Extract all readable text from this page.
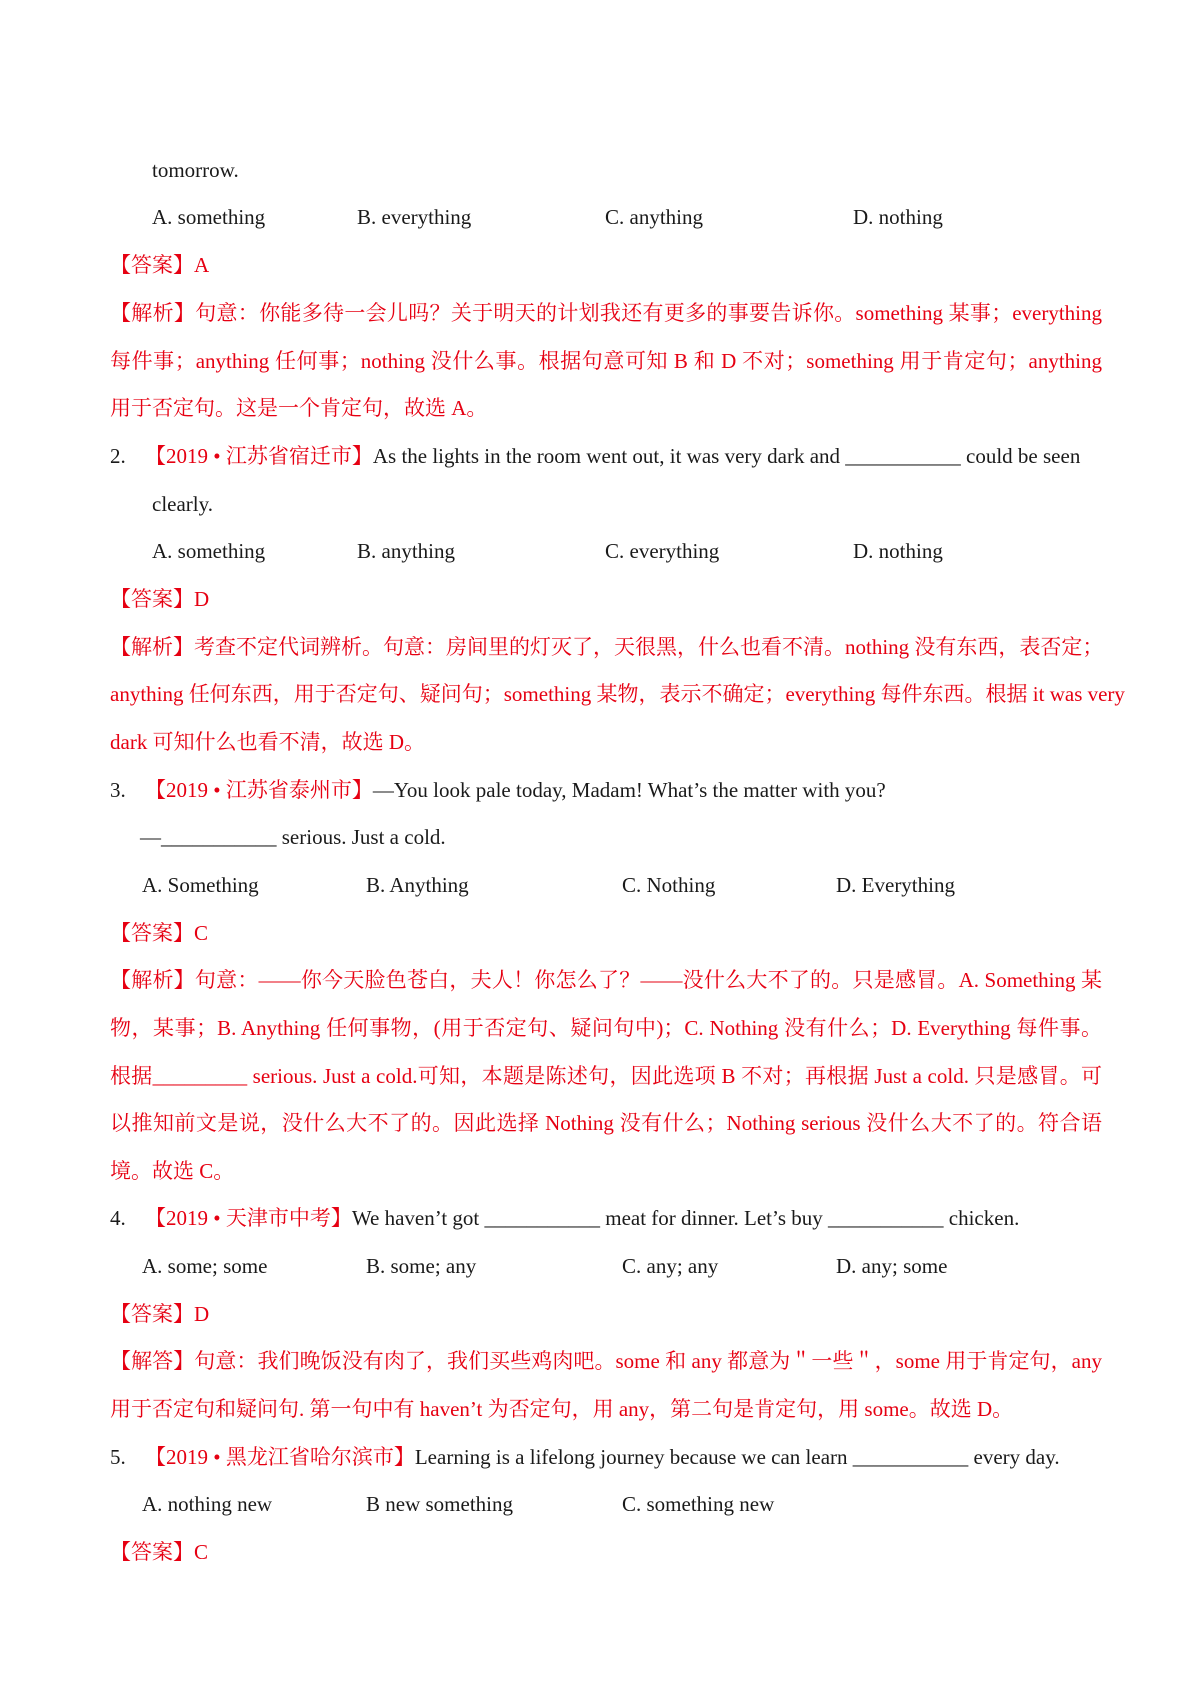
tomorrow.
A. something	B. everything	C. anything	D. nothing
【答案】A
【解析】句意：你能多待一会儿吗？关于明天的计划我还有更多的事要告诉你。something 某事；everything
每件事；anything 任何事；nothing 没什么事。根据句意可知 B 和 D 不对；something 用于肯定句；anything
用于否定句。这是一个肯定句，故选 A。
2. 【2019 • 江苏省宿迁市】As the lights in the room went out, it was very dark and ___________ could be seen
clearly.
A. something	B. anything	C. everything	D. nothing
【答案】D
【解析】考查不定代词辨析。句意：房间里的灯灭了，天很黑，什么也看不清。nothing 没有东西，表否定；
anything 任何东西，用于否定句、疑问句；something 某物，表示不确定；everything 每件东西。根据 it was very
dark 可知什么也看不清，故选 D。
3. 【2019 • 江苏省泰州市】—You look pale today, Madam! What’s the matter with you?
—___________ serious. Just a cold.
A. Something	B. Anything	C. Nothing	D. Everything
【答案】C
【解析】句意：——你今天脸色苍白，夫人！你怎么了？——没什么大不了的。只是感冒。A. Something 某
物，某事；B. Anything 任何事物，(用于否定句、疑问句中)；C. Nothing 没有什么；D. Everything 每件事。
根据_________ serious. Just a cold.可知，本题是陈述句，因此选项 B 不对；再根据 Just a cold. 只是感冒。可
以推知前文是说，没什么大不了的。因此选择 Nothing 没有什么；Nothing serious 没什么大不了的。符合语
境。故选 C。
4. 【2019 • 天津市中考】We haven’t got ___________ meat for dinner. Let’s buy ___________ chicken.
A. some; some	B. some; any	C. any; any	D. any; some
【答案】D
【解答】句意：我们晚饭没有肉了，我们买些鸡肉吧。some 和 any 都意为＂一些＂，some 用于肯定句，any
用于否定句和疑问句. 第一句中有 haven’t 为否定句，用 any，第二句是肯定句，用 some。故选 D。
5. 【2019 • 黑龙江省哈尔滨市】Learning is a lifelong journey because we can learn ___________ every day.
A. nothing new	B new something	C. something new
【答案】C
